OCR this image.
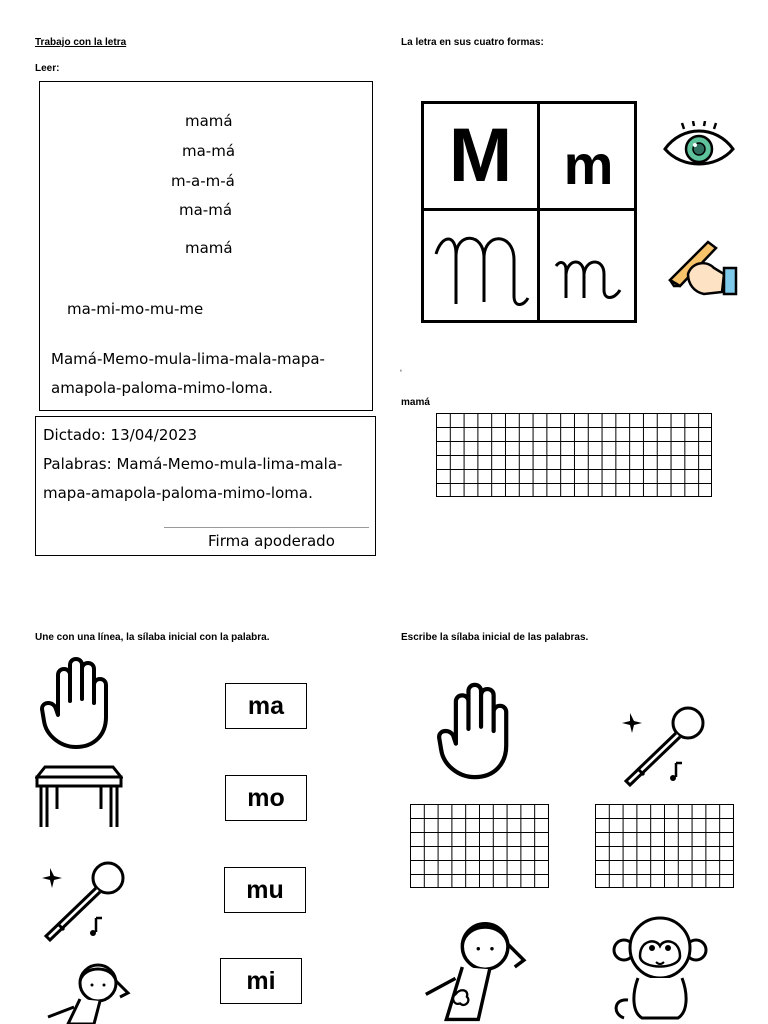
Trabajo con la letra
Leer:
mamá
ma-má
m-a-m-á
ma-má
mamá
ma-mi-mo-mu-me
Mamá-Memo-mula-lima-mala-mapa-amapola-paloma-mimo-loma.
Dictado: 13/04/2023
Palabras: Mamá-Memo-mula-lima-mala-mapa-amapola-paloma-mimo-loma.
Firma apoderado
La letra en sus cuatro formas:
M m
‘
mamá
Une con una línea, la sílaba inicial con la palabra.
ma
mo
mu
mi
Escribe la sílaba inicial de las palabras.
